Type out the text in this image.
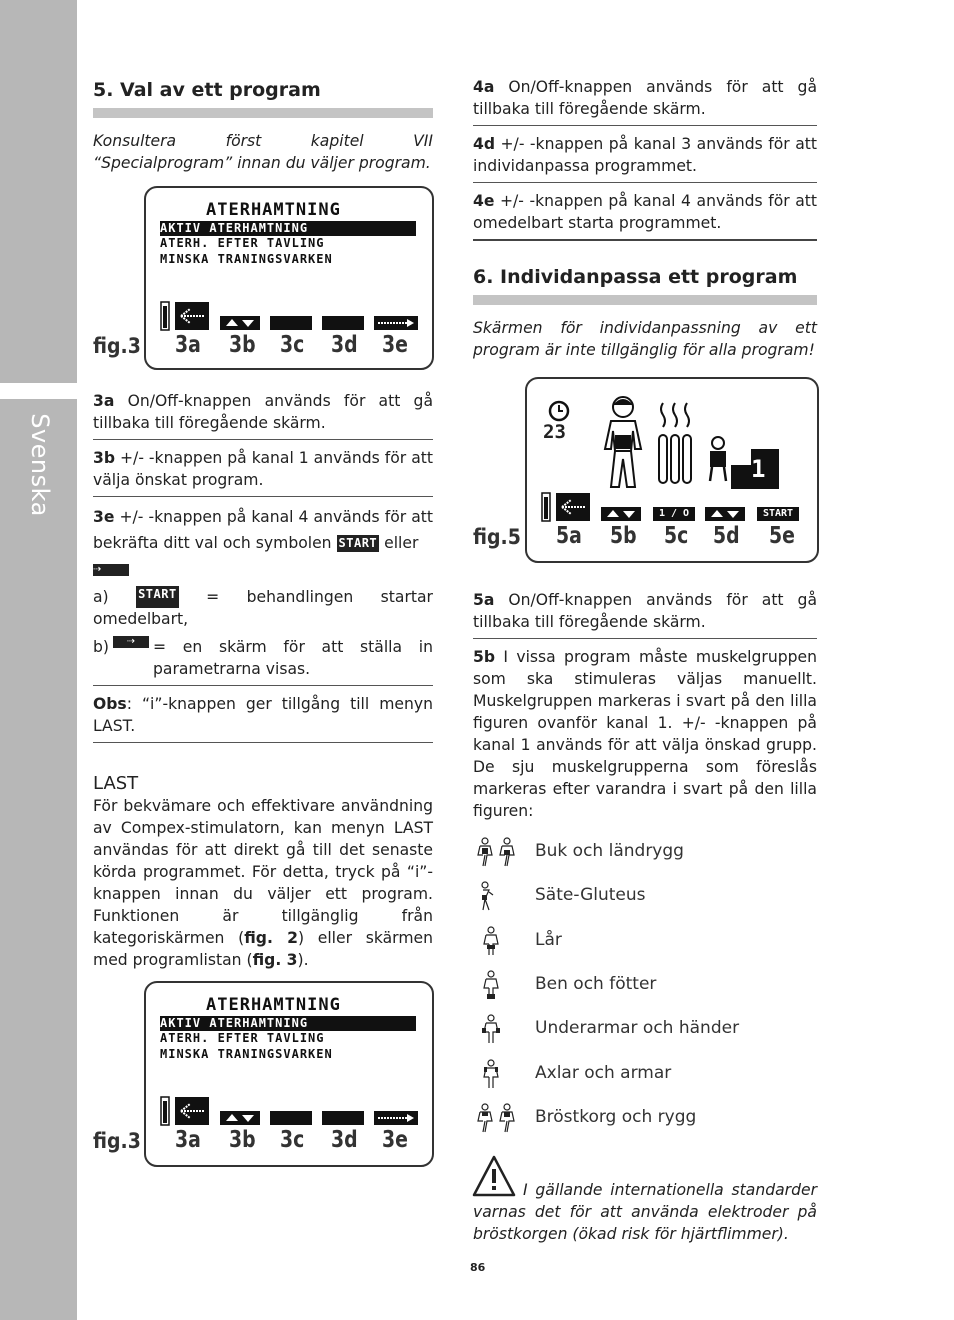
Svenska
5. Val av ett program

Konsultera först kapitel VII “Specialprogram” innan du väljer program.

ATERHAMTNING
AKTIV ATERHAMTNING
ATERH. EFTER TAVLING
MINSKA TRANINGSVARKEN
fig.3 3a 3b 3c 3d 3e

3a On/Off-knappen används för att gå tillbaka till föregående skärm.

3b +/- -knappen på kanal 1 används för att välja önskat program.

3e +/- -knappen på kanal 4 används för att bekräfta ditt val och symbolen START eller
⇢

a) START = behandlingen startar

omedelbart,

b)	⇢	= en skärm för att ställa in parametrarna visas.

Obs: “i”-knappen ger tillgång till menyn LAST.

LAST

För bekvämare och effektivare användning av Compex-stimulatorn, kan menyn LAST användas för att direkt gå till det senaste körda programmet. För detta, tryck på “i”-knappen innan du väljer ett program. Funktionen är tillgänglig från kategoriskärmen (fig. 2) eller skärmen med programlistan (fig. 3).

ATERHAMTNING
AKTIV ATERHAMTNING
ATERH. EFTER TAVLING
MINSKA TRANINGSVARKEN
fig.3 3a 3b 3c 3d 3e

4a On/Off-knappen används för att gå tillbaka till föregående skärm.

4d +/- -knappen på kanal 3 används för att individanpassa programmet.

4e +/- -knappen på kanal 4 används för att omedelbart starta programmet.

6. Individanpassa ett program

Skärmen för individanpassning av ett program är inte tillgänglig för alla program!

23
1
1 / O	START
fig.5 5a 5b 5c 5d 5e

5a On/Off-knappen används för att gå tillbaka till föregående skärm.

5b I vissa program måste muskelgruppen som ska stimuleras väljas manuellt. Muskelgruppen markeras i svart på den lilla figuren ovanför kanal 1. +/- -knappen på kanal 1 används för att välja önskad grupp. De sju muskelgrupperna som föreslås markeras efter varandra i svart på den lilla figuren:

Buk och ländrygg
Säte-Gluteus
Lår
Ben och fötter
Underarmar och händer
Axlar och armar
Bröstkorg och rygg

I gällande internationella standarder varnas det för att använda elektroder på bröstkorgen (ökad risk för hjärtflimmer).

86
